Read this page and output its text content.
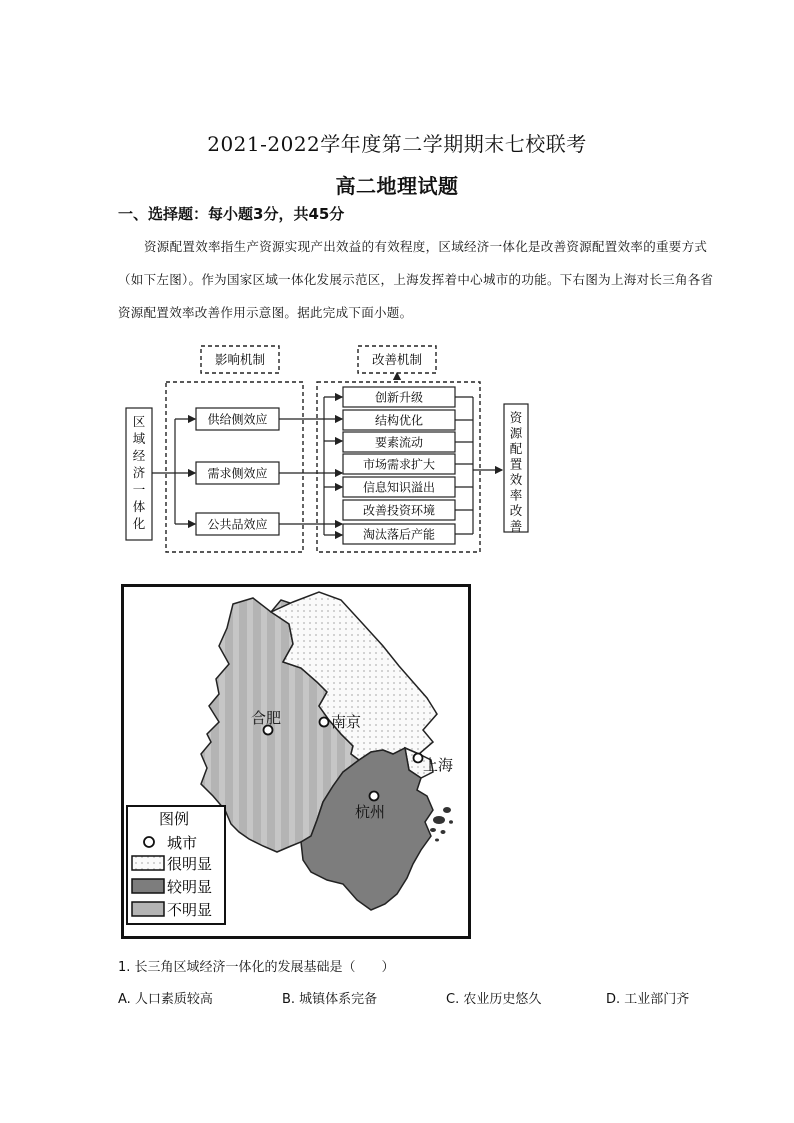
2021-2022学年度第二学期期末七校联考
高二地理试题
一、选择题：每小题3分，共45分
资源配置效率指生产资源实现产出效益的有效程度，区域经济一体化是改善资源配置效率的重要方式（如下左图）。作为国家区域一体化发展示范区，上海发挥着中心城市的功能。下右图为上海对长三角各省资源配置效率改善作用示意图。据此完成下面小题。
影响机制	改善机制
区域经济一体化
供给侧效应
需求侧效应
公共品效应
创新升级
结构优化
要素流动
市场需求扩大
信息知识溢出
改善投资环境
淘汰落后产能
资源配置效率改善
合肥	南京
上海
杭州
图例
城市
很明显
较明显
不明显
1. 长三角区域经济一体化的发展基础是（　　）
A. 人口素质较高	B. 城镇体系完备	C. 农业历史悠久	D. 工业部门齐
